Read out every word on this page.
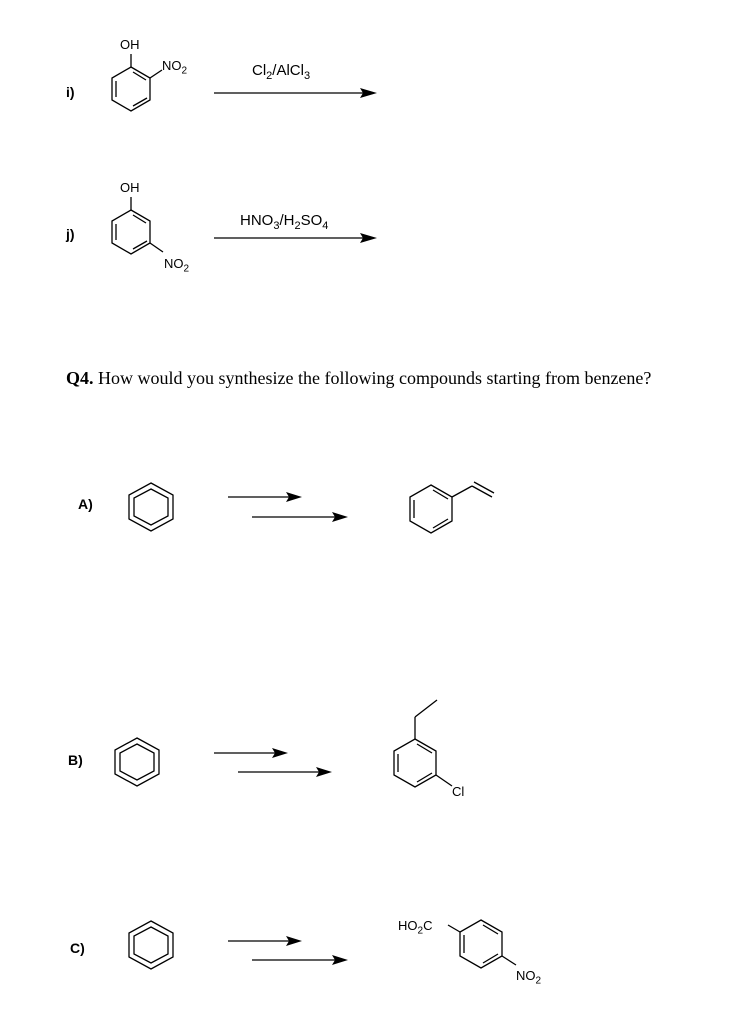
i)
OH
$NO_2$	$Cl_2/AlCl_3$
j)
OH
$NO_2$
$HNO_3/H_2SO_4$
Q4. How would you synthesize the following compounds starting from benzene?
A)
B)
Cl
C)
$HO_2C$
$NO_2$
